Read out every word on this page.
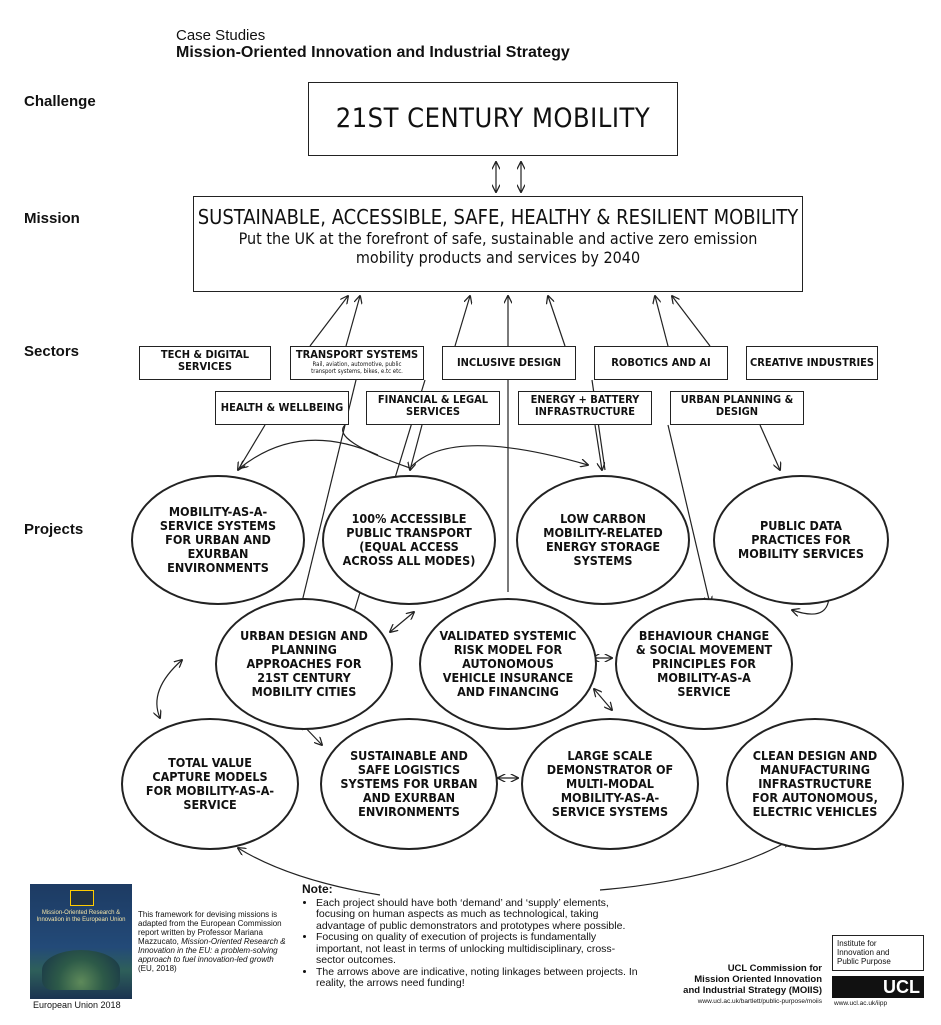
Case Studies
Mission-Oriented Innovation and Industrial Strategy
Challenge
Mission
Sectors
Projects
21ST CENTURY MOBILITY
SUSTAINABLE, ACCESSIBLE, SAFE, HEALTHY & RESILIENT MOBILITY
Put the UK at the forefront of safe, sustainable and active zero emission
mobility products and services by 2040
TECH & DIGITAL
SERVICES
TRANSPORT SYSTEMS
Rail, aviation, automotive, public
transport systems, bikes, e.tc etc.
INCLUSIVE DESIGN	ROBOTICS AND AI	CREATIVE INDUSTRIES
HEALTH & WELLBEING
FINANCIAL & LEGAL
SERVICES
ENERGY + BATTERY
INFRASTRUCTURE
URBAN PLANNING &
DESIGN
MOBILITY-AS-A-SERVICE SYSTEMS FOR URBAN AND EXURBAN ENVIRONMENTS
100% ACCESSIBLE PUBLIC TRANSPORT (EQUAL ACCESS ACROSS ALL MODES)
LOW CARBON MOBILITY-RELATED ENERGY STORAGE SYSTEMS
PUBLIC DATA PRACTICES FOR MOBILITY SERVICES
URBAN DESIGN AND PLANNING APPROACHES FOR 21ST CENTURY MOBILITY CITIES
VALIDATED SYSTEMIC RISK MODEL FOR AUTONOMOUS VEHICLE INSURANCE AND FINANCING
BEHAVIOUR CHANGE & SOCIAL MOVEMENT PRINCIPLES FOR MOBILITY-AS-A SERVICE
TOTAL VALUE CAPTURE MODELS FOR MOBILITY-AS-A-SERVICE
SUSTAINABLE AND SAFE LOGISTICS SYSTEMS FOR URBAN AND EXURBAN ENVIRONMENTS
LARGE SCALE DEMONSTRATOR OF MULTI-MODAL MOBILITY-AS-A-SERVICE SYSTEMS
CLEAN DESIGN AND MANUFACTURING INFRASTRUCTURE FOR AUTONOMOUS, ELECTRIC VEHICLES
Mission-Oriented Research & Innovation in the European Union
European Union 2018
This framework for devising missions is adapted from the European Commission report written by Professor Mariana Mazzucato, Mission-Oriented Research & Innovation in the EU: a problem-solving approach to fuel innovation-led growth (EU, 2018)
Note:
• Each project should have both ‘demand’ and ‘supply’ elements, focusing on human aspects as much as technological, taking advantage of public demonstrators and prototypes where possible.
• Focusing on quality of execution of projects is fundamentally important, not least in terms of unlocking multidisciplinary, cross-sector outcomes.
• The arrows above are indicative, noting linkages between projects. In reality, the arrows need funding!
UCL Commission for
Mission Oriented Innovation
and Industrial Strategy (MOIIS)
www.ucl.ac.uk/bartlett/public-purpose/moiis
Institute for
Innovation and
Public Purpose
UCL
www.ucl.ac.uk/iipp
